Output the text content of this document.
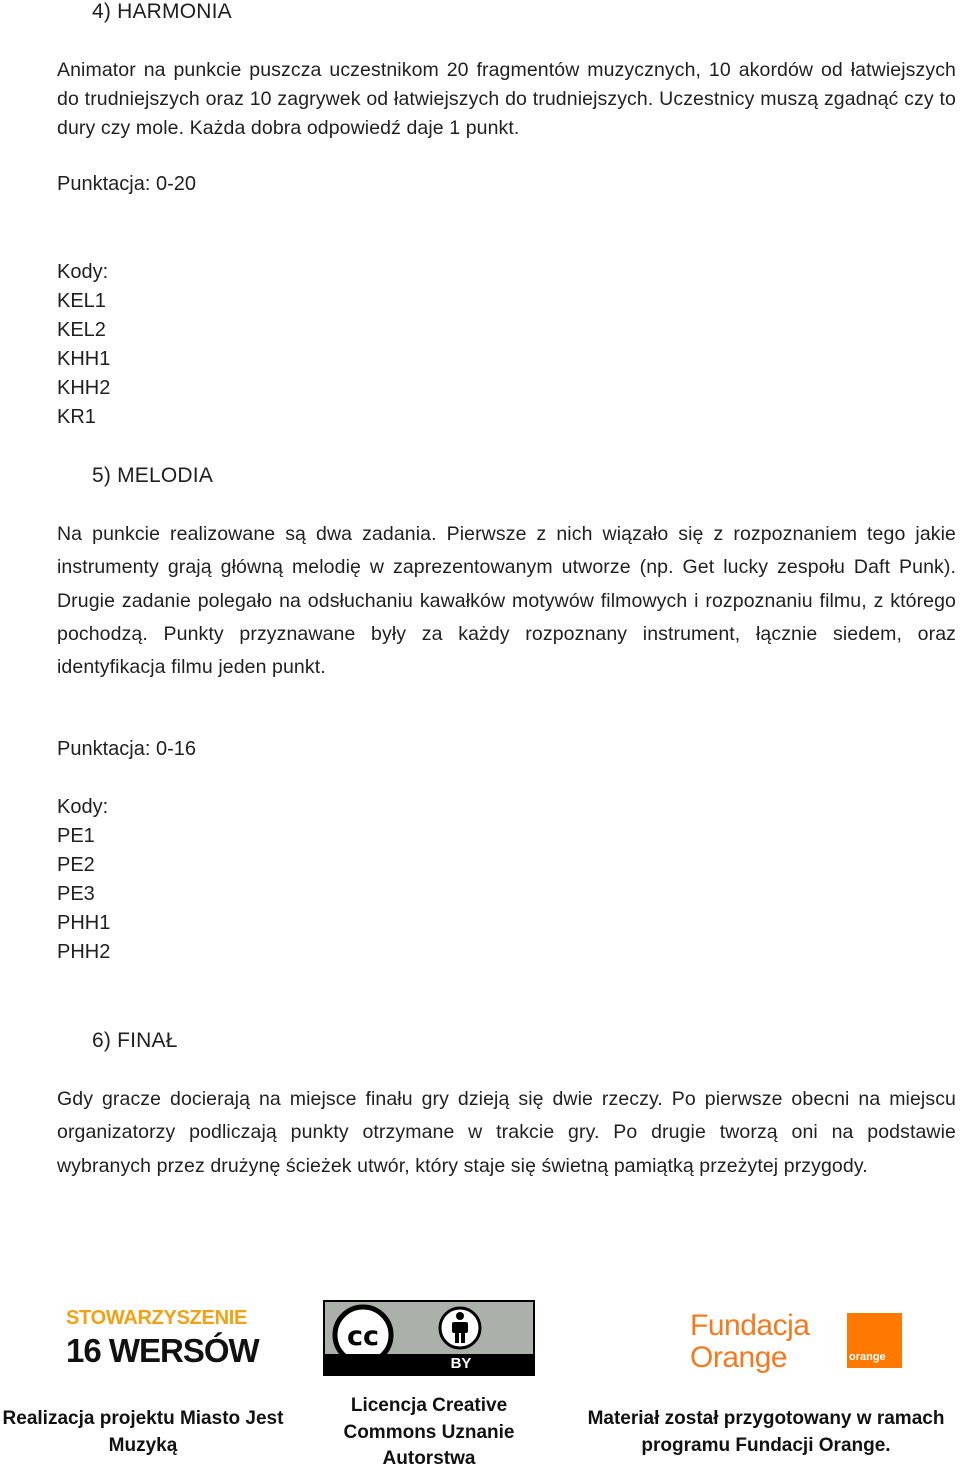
4) HARMONIA
Animator na punkcie puszcza uczestnikom 20 fragmentów muzycznych, 10 akordów od łatwiejszych do trudniejszych oraz 10 zagrywek od łatwiejszych do trudniejszych. Uczestnicy muszą zgadnąć czy to dury czy mole. Każda dobra odpowiedź daje 1 punkt.
Punktacja: 0-20
Kody:
KEL1
KEL2
KHH1
KHH2
KR1
5) MELODIA
Na punkcie realizowane są dwa zadania. Pierwsze z nich wiązało się z rozpoznaniem tego jakie instrumenty grają główną melodię w zaprezentowanym utworze (np. Get lucky zespołu Daft Punk). Drugie zadanie polegało na odsłuchaniu kawałków motywów filmowych i rozpoznaniu filmu, z którego pochodzą. Punkty przyznawane były za każdy rozpoznany instrument, łącznie siedem, oraz identyfikacja filmu jeden punkt.
Punktacja: 0-16
Kody:
PE1
PE2
PE3
PHH1
PHH2
6) FINAŁ
Gdy gracze docierają na miejsce finału gry dzieją się dwie rzeczy. Po pierwsze obecni na miejscu organizatorzy podliczają punkty otrzymane w trakcie gry. Po drugie tworzą oni na podstawie wybranych przez drużynę ścieżek utwór, który staje się świetną pamiątką przeżytej przygody.
STOWARZYSZENIE
16 WERSÓW	cc
BY
Fundacja Orange	orange
Realizacja projektu Miasto Jest Muzyką
Licencja Creative Commons Uznanie Autorstwa
Materiał został przygotowany w ramach programu Fundacji Orange.
